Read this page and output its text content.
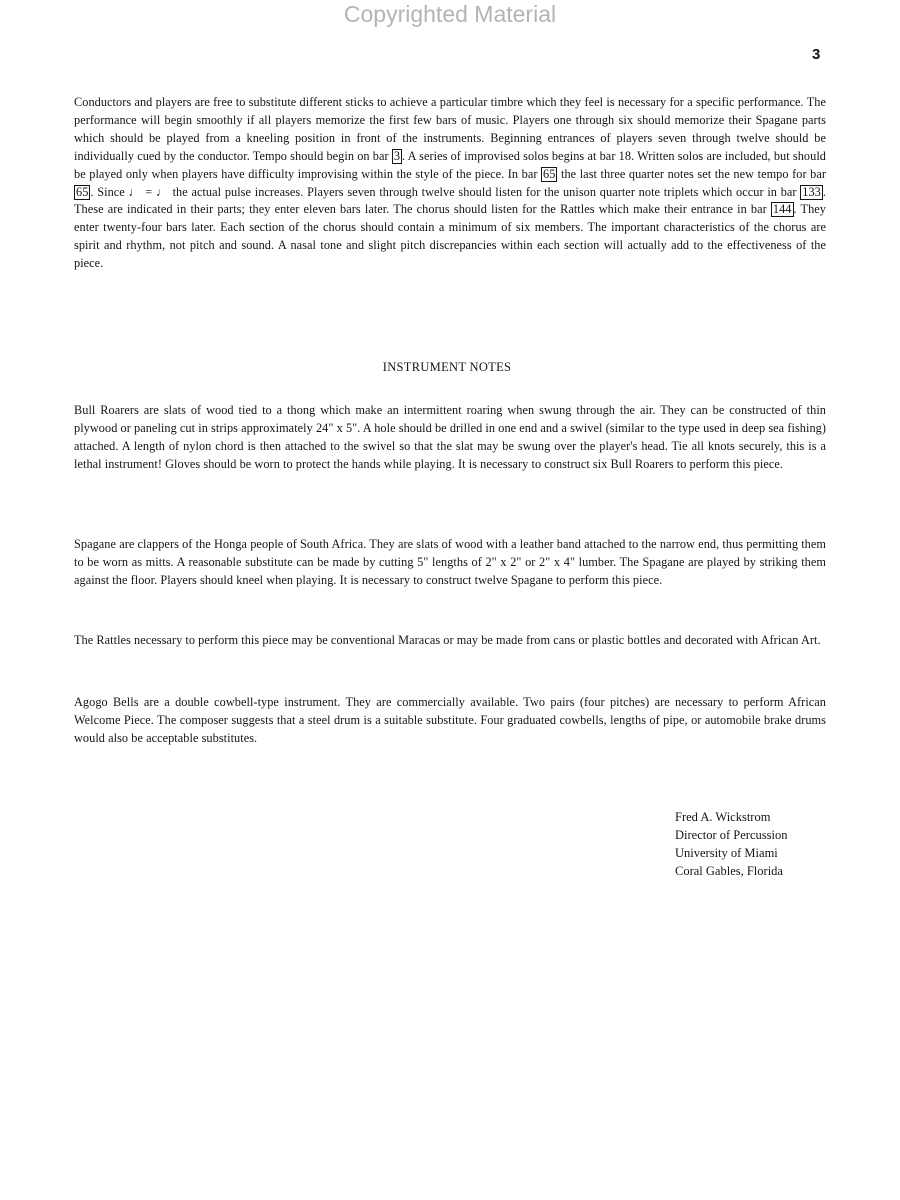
Copyrighted Material
3

Conductors and players are free to substitute different sticks to achieve a particular timbre which they feel is necessary for a specific performance. The performance will begin smoothly if all players memorize the first few bars of music. Players one through six should memorize their Spagane parts which should be played from a kneeling position in front of the instruments. Beginning entrances of players seven through twelve should be individually cued by the conductor. Tempo should begin on bar 3 . A series of improvised solos begins at bar 18. Written solos are included, but should be played only when players have difficulty improvising within the style of the piece. In bar 65 the last three quarter notes set the new tempo for bar 65 . Since ♩ = ♩ the actual pulse increases. Players seven through twelve should listen for the unison quarter note triplets which occur in bar 133 . These are indicated in their parts; they enter eleven bars later. The chorus should listen for the Rattles which make their entrance in bar 144 . They enter twenty-four bars later. Each section of the chorus should contain a minimum of six members. The important characteristics of the chorus are spirit and rhythm, not pitch and sound. A nasal tone and slight pitch discrepancies within each section will actually add to the effectiveness of the piece.

INSTRUMENT NOTES

Bull Roarers are slats of wood tied to a thong which make an intermittent roaring when swung through the air. They can be constructed of thin plywood or paneling cut in strips approximately 24" x 5". A hole should be drilled in one end and a swivel (similar to the type used in deep sea fishing) attached. A length of nylon chord is then attached to the swivel so that the slat may be swung over the player's head. Tie all knots securely, this is a lethal instrument! Gloves should be worn to protect the hands while playing. It is necessary to construct six Bull Roarers to perform this piece.

Spagane are clappers of the Honga people of South Africa. They are slats of wood with a leather band attached to the narrow end, thus permitting them to be worn as mitts. A reasonable substitute can be made by cutting 5" lengths of 2" x 2" or 2" x 4" lumber. The Spagane are played by striking them against the floor. Players should kneel when playing. It is necessary to construct twelve Spagane to perform this piece.

The Rattles necessary to perform this piece may be conventional Maracas or may be made from cans or plastic bottles and decorated with African Art.

Agogo Bells are a double cowbell-type instrument. They are commercially available. Two pairs (four pitches) are necessary to perform African Welcome Piece. The composer suggests that a steel drum is a suitable substitute. Four graduated cowbells, lengths of pipe, or automobile brake drums would also be acceptable substitutes.

Fred A. Wickstrom
Director of Percussion
University of Miami
Coral Gables, Florida
